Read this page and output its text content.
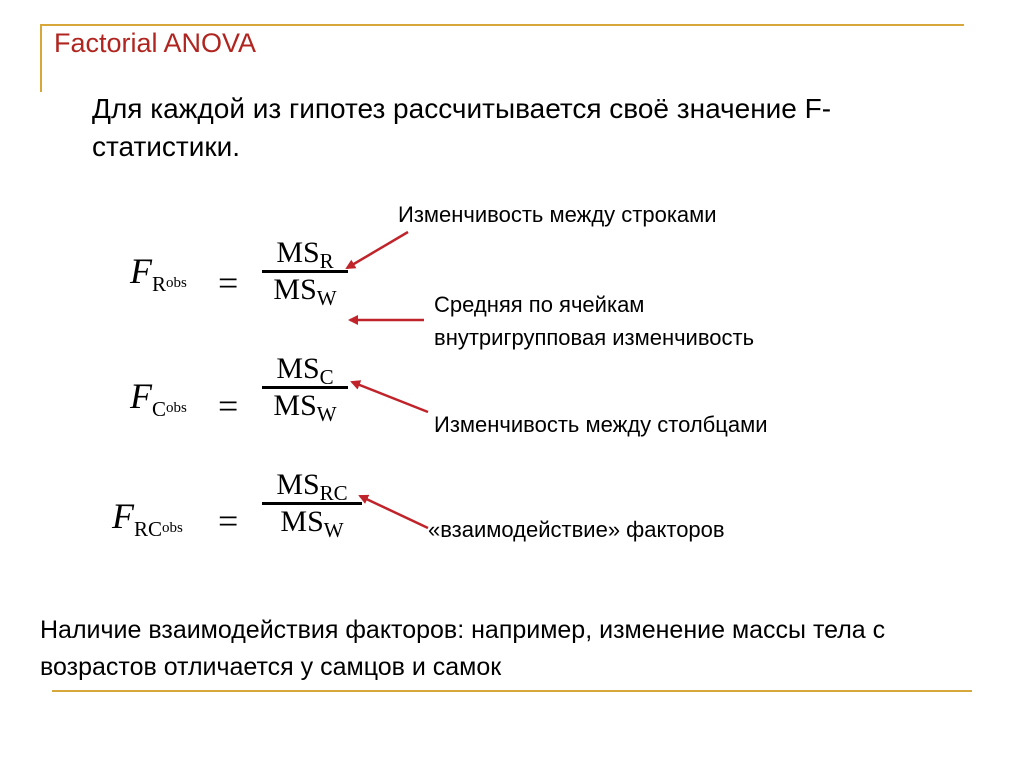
Factorial ANOVA
Для каждой из гипотез рассчитывается своё значение F-статистики.
FRobs =
$MS_R$
$MS_W$
FCobs =
$MS_C$
$MS_W$
FRCobs =
$MS_{RC}$
$MS_W$
Изменчивость между строками
Средняя по ячейкам
внутригрупповая изменчивость
Изменчивость между столбцами
«взаимодействие» факторов
Наличие взаимодействия факторов: например, изменение массы тела с возрастов отличается у самцов и самок
